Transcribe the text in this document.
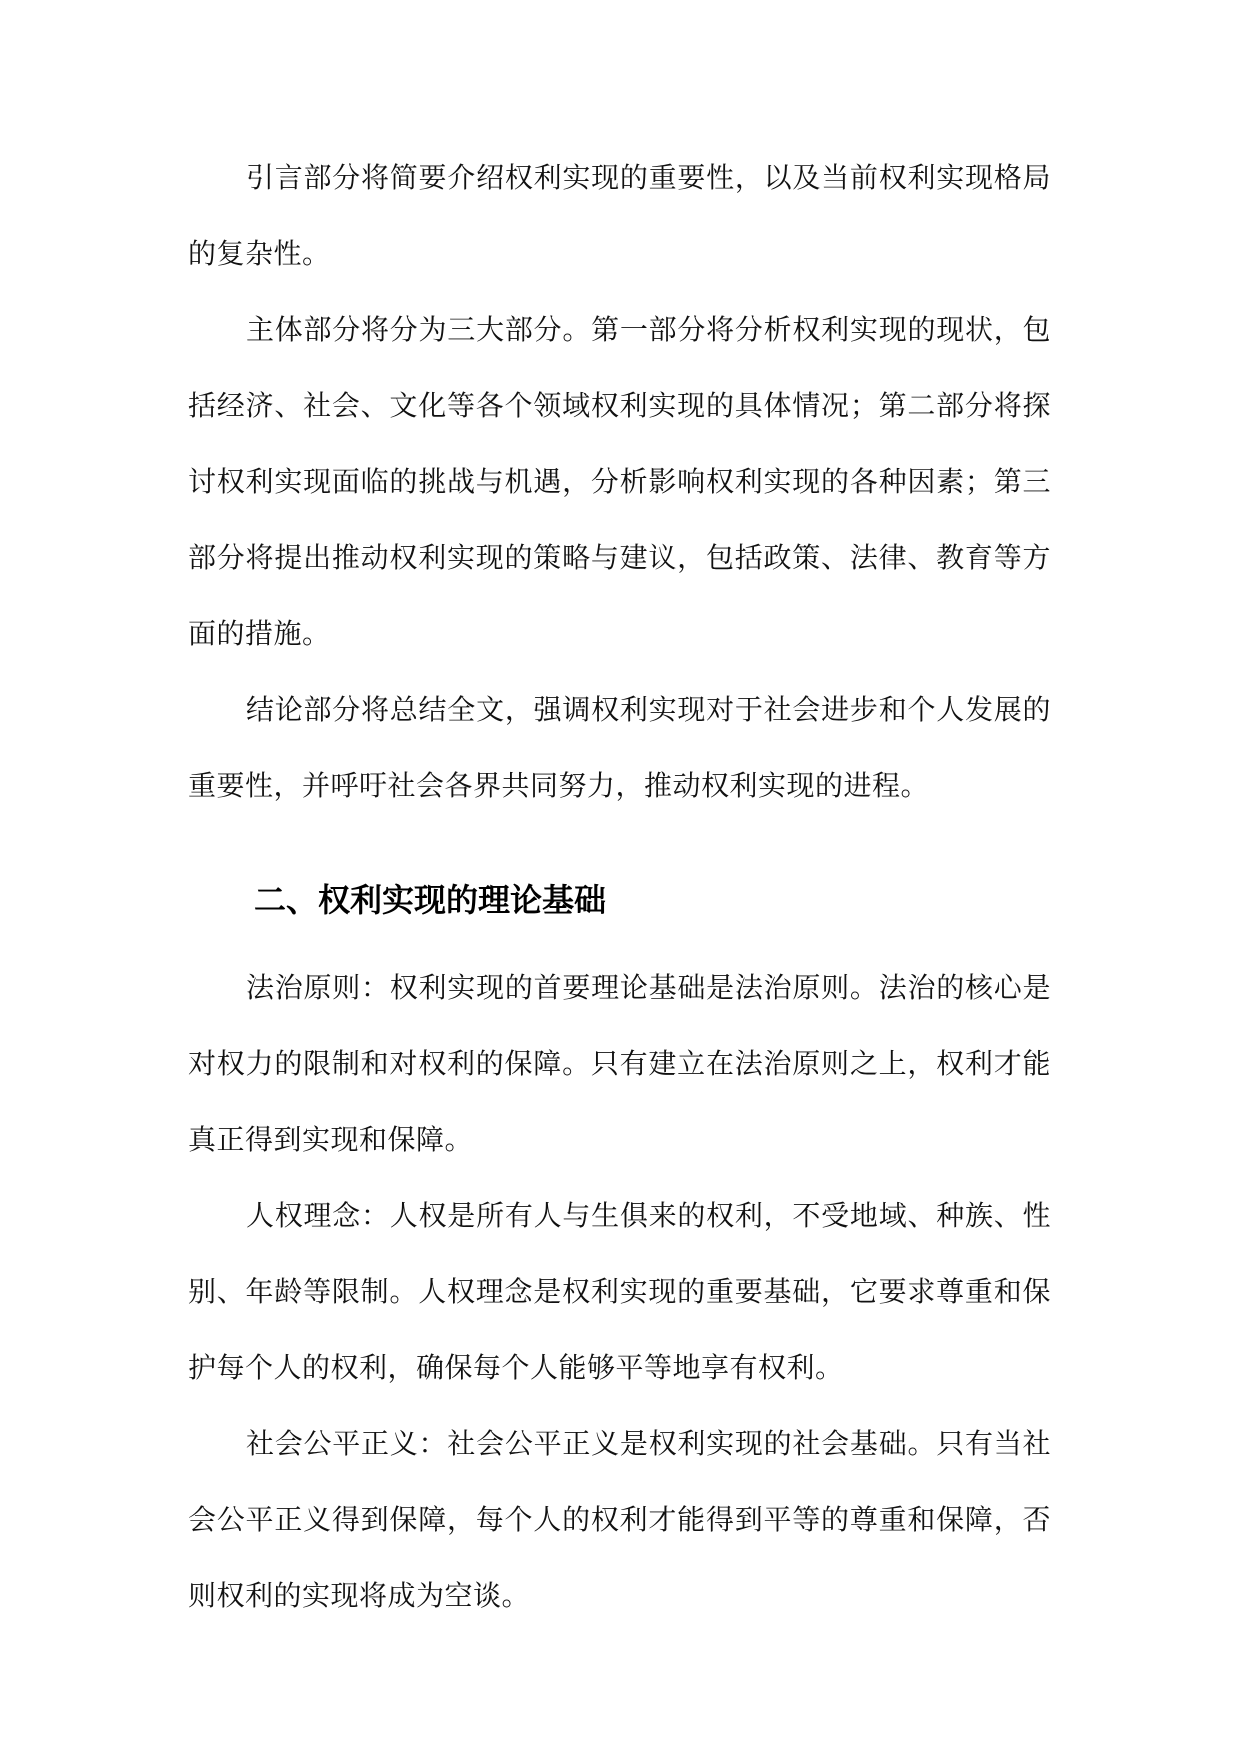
引言部分将简要介绍权利实现的重要性，以及当前权利实现格局的复杂性。

主体部分将分为三大部分。第一部分将分析权利实现的现状，包括经济、社会、文化等各个领域权利实现的具体情况；第二部分将探讨权利实现面临的挑战与机遇，分析影响权利实现的各种因素；第三部分将提出推动权利实现的策略与建议，包括政策、法律、教育等方面的措施。

结论部分将总结全文，强调权利实现对于社会进步和个人发展的重要性，并呼吁社会各界共同努力，推动权利实现的进程。

二、权利实现的理论基础

法治原则：权利实现的首要理论基础是法治原则。法治的核心是对权力的限制和对权利的保障。只有建立在法治原则之上，权利才能真正得到实现和保障。

人权理念：人权是所有人与生俱来的权利，不受地域、种族、性别、年龄等限制。人权理念是权利实现的重要基础，它要求尊重和保护每个人的权利，确保每个人能够平等地享有权利。

社会公平正义：社会公平正义是权利实现的社会基础。只有当社会公平正义得到保障，每个人的权利才能得到平等的尊重和保障，否则权利的实现将成为空谈。
